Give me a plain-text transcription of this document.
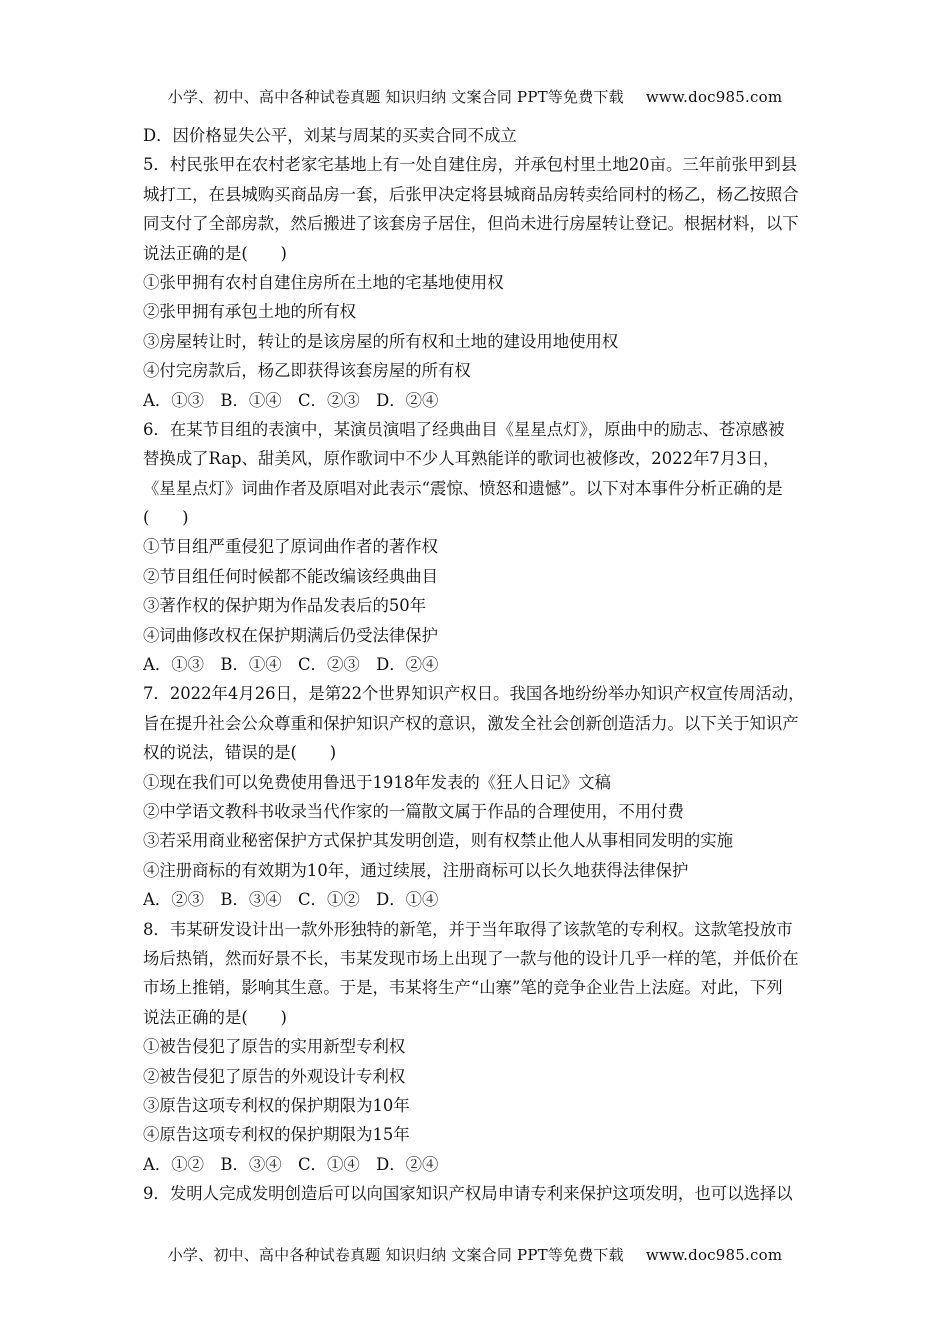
小学、初中、高中各种试卷真题 知识归纳 文案合同 PPT等免费下载 www.doc985.com
D．因价格显失公平，刘某与周某的买卖合同不成立
5．村民张甲在农村老家宅基地上有一处自建住房，并承包村里土地20亩。三年前张甲到县
城打工，在县城购买商品房一套，后张甲决定将县城商品房转卖给同村的杨乙，杨乙按照合
同支付了全部房款，然后搬进了该套房子居住，但尚未进行房屋转让登记。根据材料，以下
说法正确的是(　　)
①张甲拥有农村自建住房所在土地的宅基地使用权
②张甲拥有承包土地的所有权
③房屋转让时，转让的是该房屋的所有权和土地的建设用地使用权
④付完房款后，杨乙即获得该套房屋的所有权
A．①③　B．①④　C．②③　D．②④
6．在某节目组的表演中，某演员演唱了经典曲目《星星点灯》，原曲中的励志、苍凉感被
替换成了Rap、甜美风，原作歌词中不少人耳熟能详的歌词也被修改，2022年7月3日，
《星星点灯》词曲作者及原唱对此表示“震惊、愤怒和遗憾”。以下对本事件分析正确的是
(　　)
①节目组严重侵犯了原词曲作者的著作权
②节目组任何时候都不能改编该经典曲目
③著作权的保护期为作品发表后的50年
④词曲修改权在保护期满后仍受法律保护
A．①③　B．①④　C．②③　D．②④
7．2022年4月26日，是第22个世界知识产权日。我国各地纷纷举办知识产权宣传周活动，
旨在提升社会公众尊重和保护知识产权的意识，激发全社会创新创造活力。以下关于知识产
权的说法，错误的是(　　)
①现在我们可以免费使用鲁迅于1918年发表的《狂人日记》文稿
②中学语文教科书收录当代作家的一篇散文属于作品的合理使用，不用付费
③若采用商业秘密保护方式保护其发明创造，则有权禁止他人从事相同发明的实施
④注册商标的有效期为10年，通过续展，注册商标可以长久地获得法律保护
A．②③　B．③④　C．①②　D．①④
8．韦某研发设计出一款外形独特的新笔，并于当年取得了该款笔的专利权。这款笔投放市
场后热销，然而好景不长，韦某发现市场上出现了一款与他的设计几乎一样的笔，并低价在
市场上推销，影响其生意。于是，韦某将生产“山寨”笔的竞争企业告上法庭。对此，下列
说法正确的是(　　)
①被告侵犯了原告的实用新型专利权
②被告侵犯了原告的外观设计专利权
③原告这项专利权的保护期限为10年
④原告这项专利权的保护期限为15年
A．①②　B．③④　C．①④　D．②④
9．发明人完成发明创造后可以向国家知识产权局申请专利来保护这项发明，也可以选择以
小学、初中、高中各种试卷真题 知识归纳 文案合同 PPT等免费下载 www.doc985.com
